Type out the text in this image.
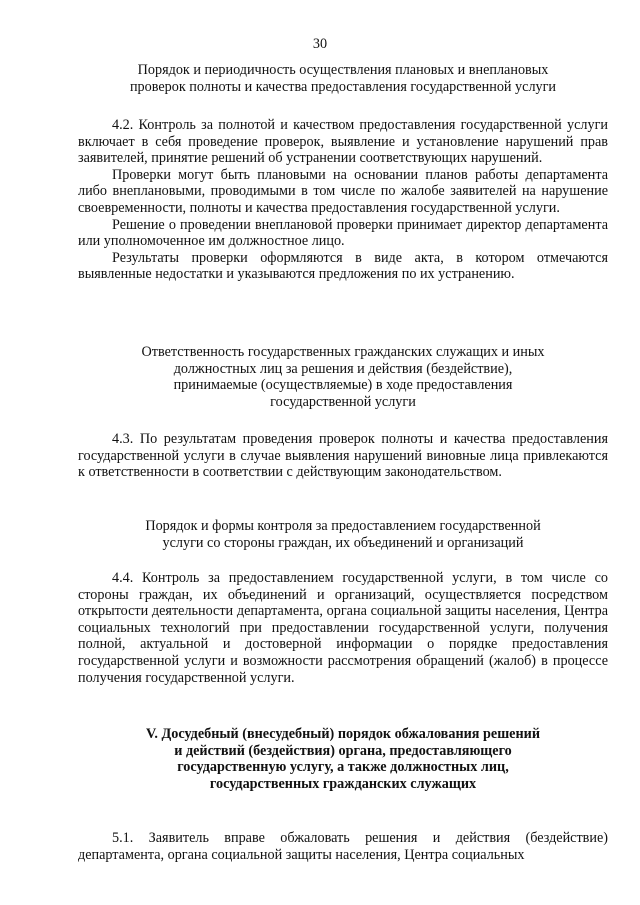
30
Порядок и периодичность осуществления плановых и внеплановых
проверок полноты и качества предоставления государственной услуги

4.2. Контроль за полнотой и качеством предоставления государственной услуги включает в себя проведение проверок, выявление и установление нарушений прав заявителей, принятие решений об устранении соответствующих нарушений.

Проверки могут быть плановыми на основании планов работы департамента либо внеплановыми, проводимыми в том числе по жалобе заявителей на нарушение своевременности, полноты и качества предоставления государственной услуги.

Решение о проведении внеплановой проверки принимает директор департамента или уполномоченное им должностное лицо.

Результаты проверки оформляются в виде акта, в котором отмечаются выявленные недостатки и указываются предложения по их устранению.

Ответственность государственных гражданских служащих и иных
должностных лиц за решения и действия (бездействие),
принимаемые (осуществляемые) в ходе предоставления
государственной услуги

4.3. По результатам проведения проверок полноты и качества предоставления государственной услуги в случае выявления нарушений виновные лица привлекаются к ответственности в соответствии с действующим законодательством.

Порядок и формы контроля за предоставлением государственной
услуги со стороны граждан, их объединений и организаций

4.4. Контроль за предоставлением государственной услуги, в том числе со стороны граждан, их объединений и организаций, осуществляется посредством открытости деятельности департамента, органа социальной защиты населения, Центра социальных технологий при предоставлении государственной услуги, получения полной, актуальной и достоверной информации о порядке предоставления государственной услуги и возможности рассмотрения обращений (жалоб) в процессе получения государственной услуги.

V. Досудебный (внесудебный) порядок обжалования решений
и действий (бездействия) органа, предоставляющего
государственную услугу, а также должностных лиц,
государственных гражданских служащих

5.1. Заявитель вправе обжаловать решения и действия (бездействие) департамента, органа социальной защиты населения, Центра социальных
